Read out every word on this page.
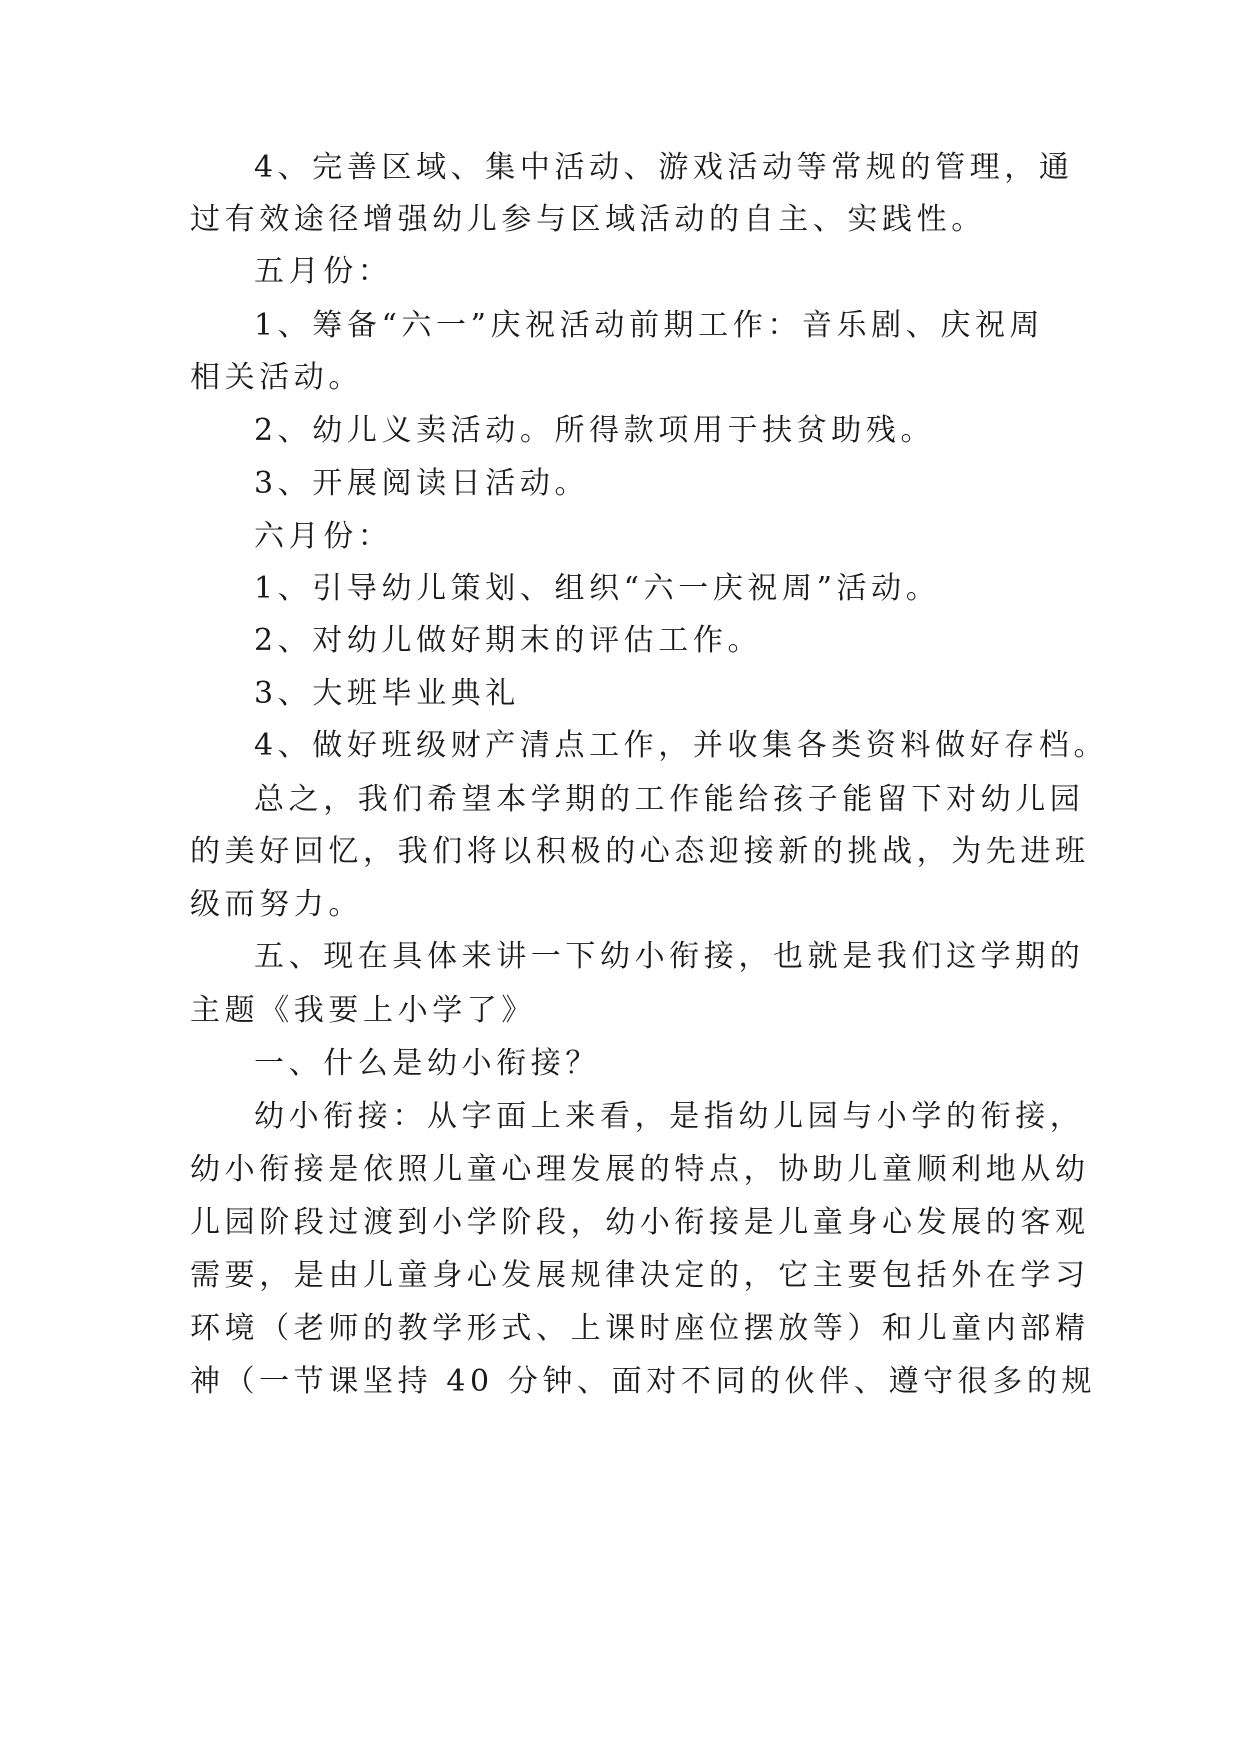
4、完善区域、集中活动、游戏活动等常规的管理，通
过有效途径增强幼儿参与区域活动的自主、实践性。
五月份：
1、筹备“六一”庆祝活动前期工作：音乐剧、庆祝周
相关活动。
2、幼儿义卖活动。所得款项用于扶贫助残。
3、开展阅读日活动。
六月份：
1、引导幼儿策划、组织“六一庆祝周”活动。
2、对幼儿做好期末的评估工作。
3、大班毕业典礼
4、做好班级财产清点工作，并收集各类资料做好存档。
总之，我们希望本学期的工作能给孩子能留下对幼儿园
的美好回忆，我们将以积极的心态迎接新的挑战，为先进班
级而努力。
五、现在具体来讲一下幼小衔接，也就是我们这学期的
主题《我要上小学了》
一、什么是幼小衔接？
幼小衔接：从字面上来看，是指幼儿园与小学的衔接，
幼小衔接是依照儿童心理发展的特点，协助儿童顺利地从幼
儿园阶段过渡到小学阶段，幼小衔接是儿童身心发展的客观
需要，是由儿童身心发展规律决定的，它主要包括外在学习
环境（老师的教学形式、上课时座位摆放等）和儿童内部精
神（一节课坚持 40 分钟、面对不同的伙伴、遵守很多的规
